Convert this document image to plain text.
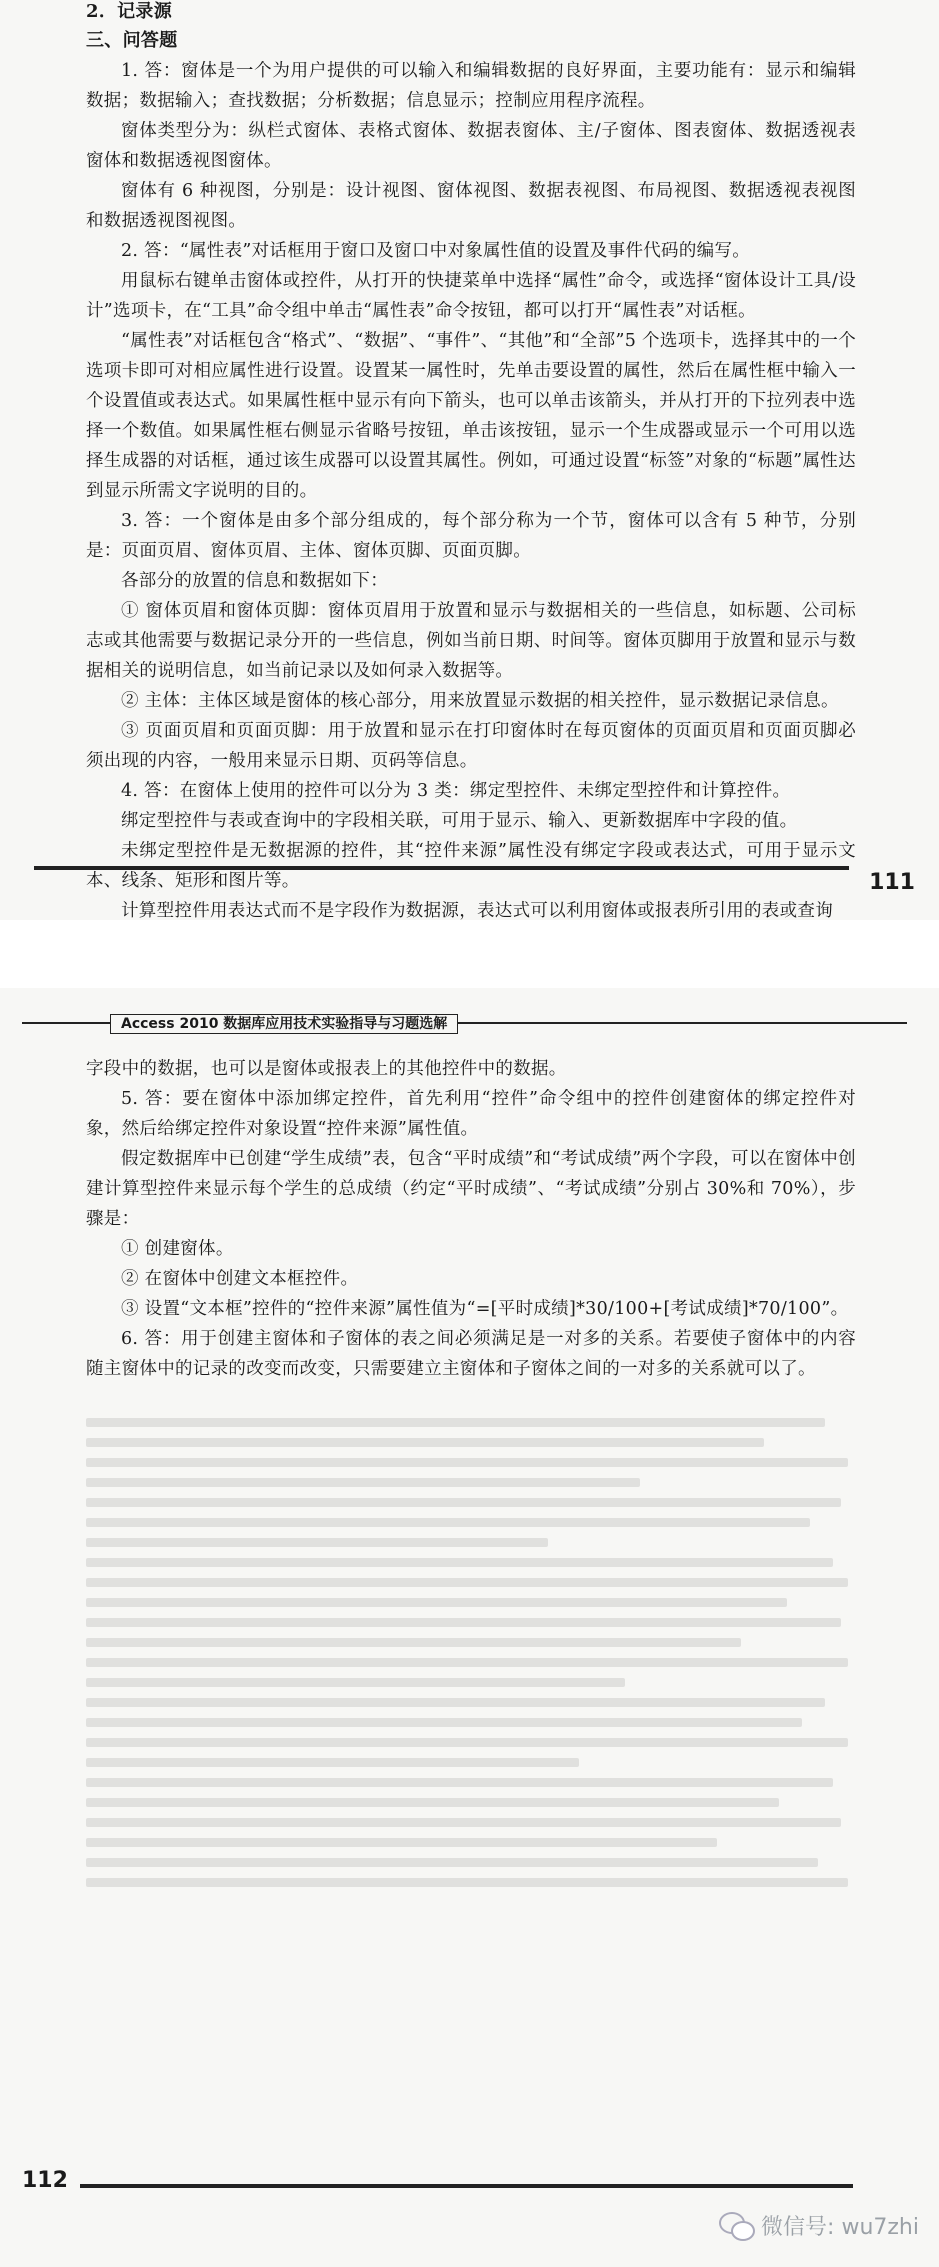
2．记录源

三、问答题

1. 答：窗体是一个为用户提供的可以输入和编辑数据的良好界面，主要功能有：显示和编辑数据；数据输入；查找数据；分析数据；信息显示；控制应用程序流程。

窗体类型分为：纵栏式窗体、表格式窗体、数据表窗体、主/子窗体、图表窗体、数据透视表窗体和数据透视图窗体。

窗体有 6 种视图，分别是：设计视图、窗体视图、数据表视图、布局视图、数据透视表视图和数据透视图视图。

2. 答：“属性表”对话框用于窗口及窗口中对象属性值的设置及事件代码的编写。

用鼠标右键单击窗体或控件，从打开的快捷菜单中选择“属性”命令，或选择“窗体设计工具/设计”选项卡，在“工具”命令组中单击“属性表”命令按钮，都可以打开“属性表”对话框。

“属性表”对话框包含“格式”、“数据”、“事件”、“其他”和“全部”5 个选项卡，选择其中的一个选项卡即可对相应属性进行设置。设置某一属性时，先单击要设置的属性，然后在属性框中输入一个设置值或表达式。如果属性框中显示有向下箭头，也可以单击该箭头，并从打开的下拉列表中选择一个数值。如果属性框右侧显示省略号按钮，单击该按钮，显示一个生成器或显示一个可用以选择生成器的对话框，通过该生成器可以设置其属性。例如，可通过设置“标签”对象的“标题”属性达到显示所需文字说明的目的。

3. 答：一个窗体是由多个部分组成的，每个部分称为一个节，窗体可以含有 5 种节，分别是：页面页眉、窗体页眉、主体、窗体页脚、页面页脚。

各部分的放置的信息和数据如下：

① 窗体页眉和窗体页脚：窗体页眉用于放置和显示与数据相关的一些信息，如标题、公司标志或其他需要与数据记录分开的一些信息，例如当前日期、时间等。窗体页脚用于放置和显示与数据相关的说明信息，如当前记录以及如何录入数据等。

② 主体：主体区域是窗体的核心部分，用来放置显示数据的相关控件，显示数据记录信息。

③ 页面页眉和页面页脚：用于放置和显示在打印窗体时在每页窗体的页面页眉和页面页脚必须出现的内容，一般用来显示日期、页码等信息。

4. 答：在窗体上使用的控件可以分为 3 类：绑定型控件、未绑定型控件和计算控件。

绑定型控件与表或查询中的字段相关联，可用于显示、输入、更新数据库中字段的值。

未绑定型控件是无数据源的控件，其“控件来源”属性没有绑定字段或表达式，可用于显示文本、线条、矩形和图片等。

计算型控件用表达式而不是字段作为数据源，表达式可以利用窗体或报表所引用的表或查询

111
Access 2010 数据库应用技术实验指导与习题选解

字段中的数据，也可以是窗体或报表上的其他控件中的数据。

5. 答：要在窗体中添加绑定控件，首先利用“控件”命令组中的控件创建窗体的绑定控件对象，然后给绑定控件对象设置“控件来源”属性值。

假定数据库中已创建“学生成绩”表，包含“平时成绩”和“考试成绩”两个字段，可以在窗体中创建计算型控件来显示每个学生的总成绩（约定“平时成绩”、“考试成绩”分别占 30%和 70%），步骤是：

① 创建窗体。

② 在窗体中创建文本框控件。

③ 设置“文本框”控件的“控件来源”属性值为“=[平时成绩]*30/100+[考试成绩]*70/100”。

6. 答：用于创建主窗体和子窗体的表之间必须满足是一对多的关系。若要使子窗体中的内容随主窗体中的记录的改变而改变，只需要建立主窗体和子窗体之间的一对多的关系就可以了。

112
微信号: wu7zhi
